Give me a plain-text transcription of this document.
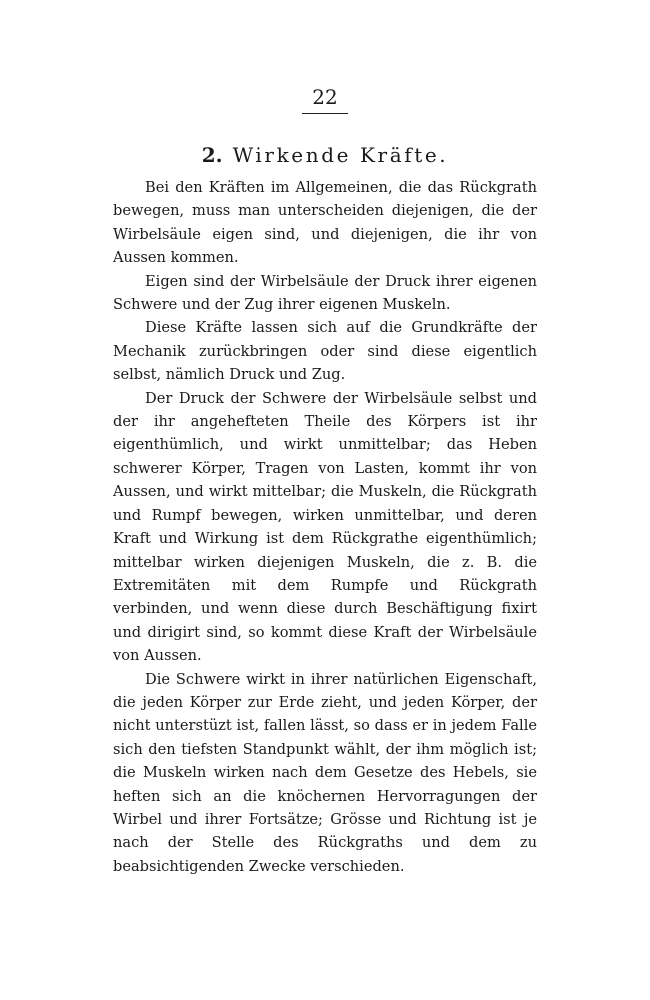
22
2. Wirkende Kräfte.

Bei den Kräften im Allgemeinen, die das Rückgrath bewegen, muss man unterscheiden diejenigen, die der Wirbelsäule eigen sind, und diejenigen, die ihr von Aussen kommen.

Eigen sind der Wirbelsäule der Druck ihrer eigenen Schwere und der Zug ihrer eigenen Muskeln.

Diese Kräfte lassen sich auf die Grundkräfte der Mechanik zurückbringen oder sind diese eigentlich selbst, nämlich Druck und Zug.

Der Druck der Schwere der Wirbelsäule selbst und der ihr angehefteten Theile des Körpers ist ihr eigenthümlich, und wirkt unmittelbar; das Heben schwerer Körper, Tragen von Lasten, kommt ihr von Aussen, und wirkt mittelbar; die Muskeln, die Rückgrath und Rumpf bewegen, wirken unmittelbar, und deren Kraft und Wirkung ist dem Rückgrathe eigenthümlich; mittelbar wirken diejenigen Muskeln, die z. B. die Extremitäten mit dem Rumpfe und Rückgrath verbinden, und wenn diese durch Beschäftigung fixirt und dirigirt sind, so kommt diese Kraft der Wirbelsäule von Aussen.

Die Schwere wirkt in ihrer natürlichen Eigenschaft, die jeden Körper zur Erde zieht, und jeden Körper, der nicht unterstüzt ist, fallen lässt, so dass er in jedem Falle sich den tiefsten Standpunkt wählt, der ihm möglich ist; die Muskeln wirken nach dem Gesetze des Hebels, sie heften sich an die knöchernen Hervorragungen der Wirbel und ihrer Fortsätze; Grösse und Richtung ist je nach der Stelle des Rückgraths und dem zu beabsichtigenden Zwecke verschieden.
